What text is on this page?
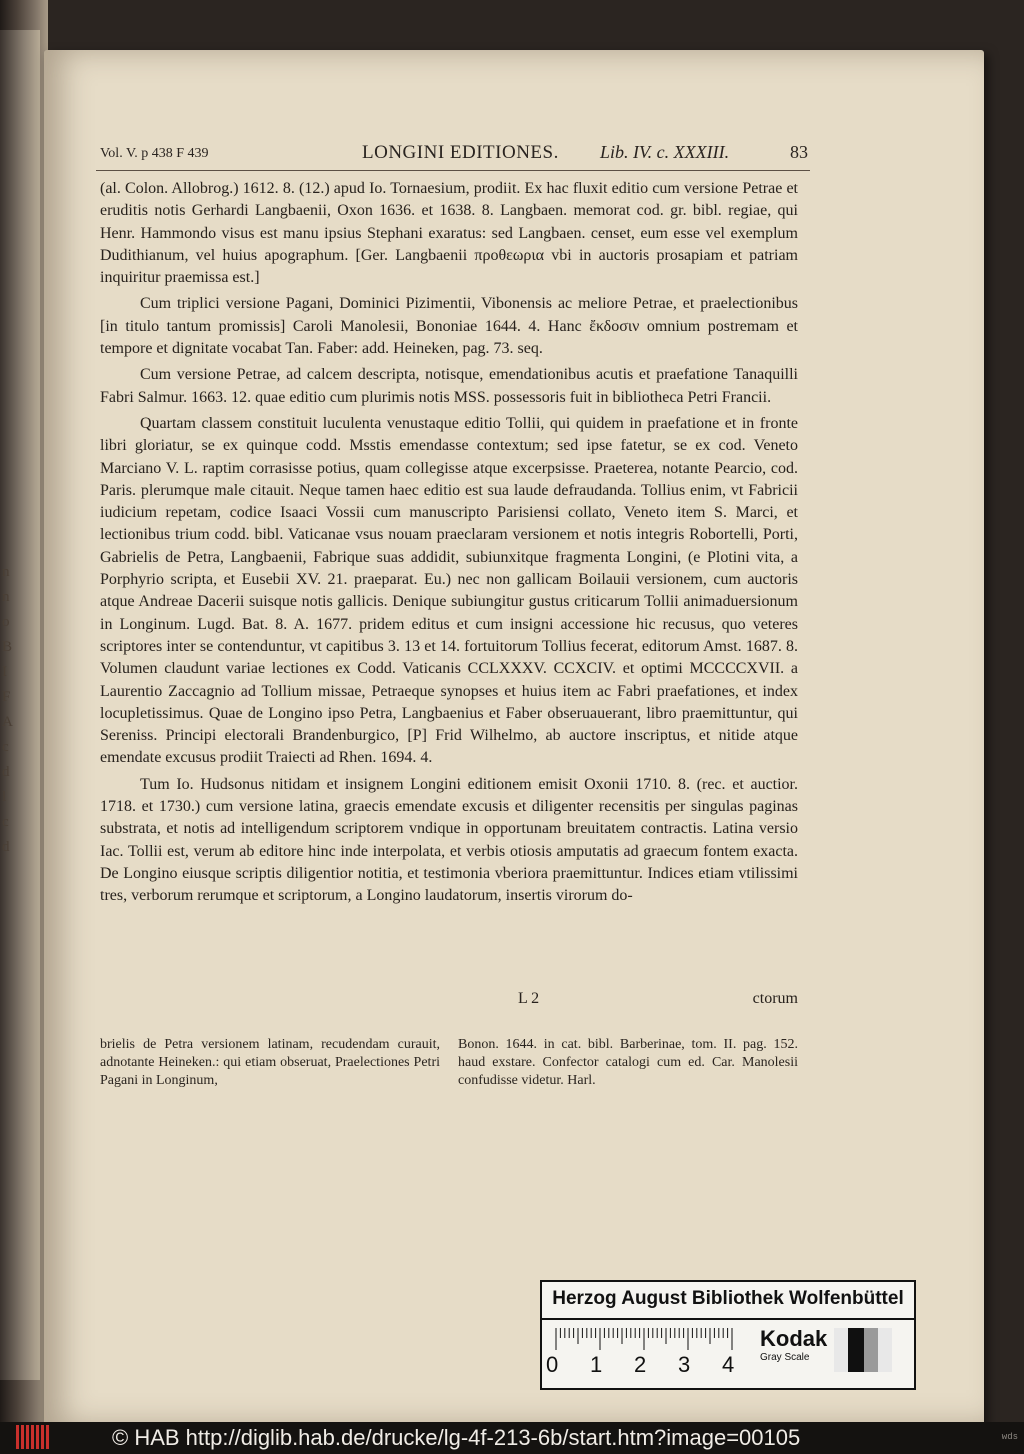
n
n
o
B
I
F
A
c
d
l
c
d
Vol. V. p 438 F 439	LONGINI EDITIONES. Lib. IV. c. XXXIII.	83

(al. Colon. Allobrog.) 1612. 8. (12.) apud Io. Tornaesium, prodiit. Ex hac fluxit editio cum versione Petrae et eruditis notis Gerhardi Langbaenii, Oxon 1636. et 1638. 8. Langbaen. memorat cod. gr. bibl. regiae, qui Henr. Hammondo visus est manu ipsius Stephani exaratus: sed Langbaen. censet, eum esse vel exemplum Dudithianum, vel huius apographum. [Ger. Langbaenii προθεωρια vbi in auctoris prosapiam et patriam inquiritur praemissa est.]

Cum triplici versione Pagani, Dominici Pizimentii, Vibonensis ac meliore Petrae, et praelectionibus [in titulo tantum promissis] Caroli Manolesii, Bononiae 1644. 4. Hanc ἔκδοσιν omnium postremam et tempore et dignitate vocabat Tan. Faber: add. Heineken, pag. 73. seq.

Cum versione Petrae, ad calcem descripta, notisque, emendationibus acutis et praefatione Tanaquilli Fabri Salmur. 1663. 12. quae editio cum plurimis notis MSS. possessoris fuit in bibliotheca Petri Francii.

Quartam classem constituit luculenta venustaque editio Tollii, qui quidem in praefatione et in fronte libri gloriatur, se ex quinque codd. Msstis emendasse contextum; sed ipse fatetur, se ex cod. Veneto Marciano V. L. raptim corrasisse potius, quam collegisse atque excerpsisse. Praeterea, notante Pearcio, cod. Paris. plerumque male citauit. Neque tamen haec editio est sua laude defraudanda. Tollius enim, vt Fabricii iudicium repetam, codice Isaaci Vossii cum manuscripto Parisiensi collato, Veneto item S. Marci, et lectionibus trium codd. bibl. Vaticanae vsus nouam praeclaram versionem et notis integris Robortelli, Porti, Gabrielis de Petra, Langbaenii, Fabrique suas addidit, subiunxitque fragmenta Longini, (e Plotini vita, a Porphyrio scripta, et Eusebii XV. 21. praeparat. Eu.) nec non gallicam Boilauii versionem, cum auctoris atque Andreae Dacerii suisque notis gallicis. Denique subiungitur gustus criticarum Tollii animaduersionum in Longinum. Lugd. Bat. 8. A. 1677. pridem editus et cum insigni accessione hic recusus, quo veteres scriptores inter se contenduntur, vt capitibus 3. 13 et 14. fortuitorum Tollius fecerat, editorum Amst. 1687. 8. Volumen claudunt variae lectiones ex Codd. Vaticanis CCLXXXV. CCXCIV. et optimi MCCCCXVII. a Laurentio Zaccagnio ad Tollium missae, Petraeque synopses et huius item ac Fabri praefationes, et index locupletissimus. Quae de Longino ipso Petra, Langbaenius et Faber obseruauerant, libro praemittuntur, qui Sereniss. Principi electorali Brandenburgico, [P] Frid Wilhelmo, ab auctore inscriptus, et nitide atque emendate excusus prodiit Traiecti ad Rhen. 1694. 4.

Tum Io. Hudsonus nitidam et insignem Longini editionem emisit Oxonii 1710. 8. (rec. et auctior. 1718. et 1730.) cum versione latina, graecis emendate excusis et diligenter recensitis per singulas paginas substrata, et notis ad intelligendum scriptorem vndique in opportunam breuitatem contractis. Latina versio Iac. Tollii est, verum ab editore hinc inde interpolata, et verbis otiosis amputatis ad graecum fontem exacta. De Longino eiusque scriptis diligentior notitia, et testimonia vberiora praemittuntur. Indices etiam vtilissimi tres, verborum rerumque et scriptorum, a Longino laudatorum, insertis virorum do-

L 2	ctorum
brielis de Petra versionem latinam, recudendam curauit, adnotante Heineken.: qui etiam obseruat, Praelectiones Petri Pagani in Longinum,
Bonon. 1644. in cat. bibl. Barberinae, tom. II. pag. 152. haud exstare. Confector catalogi cum ed. Car. Manolesii confudisse videtur. Harl.
Herzog August Bibliothek Wolfenbüttel
0 1 2 3 4
Kodak
Gray Scale
© HAB http://diglib.hab.de/drucke/lg-4f-213-6b/start.htm?image=00105	wds
